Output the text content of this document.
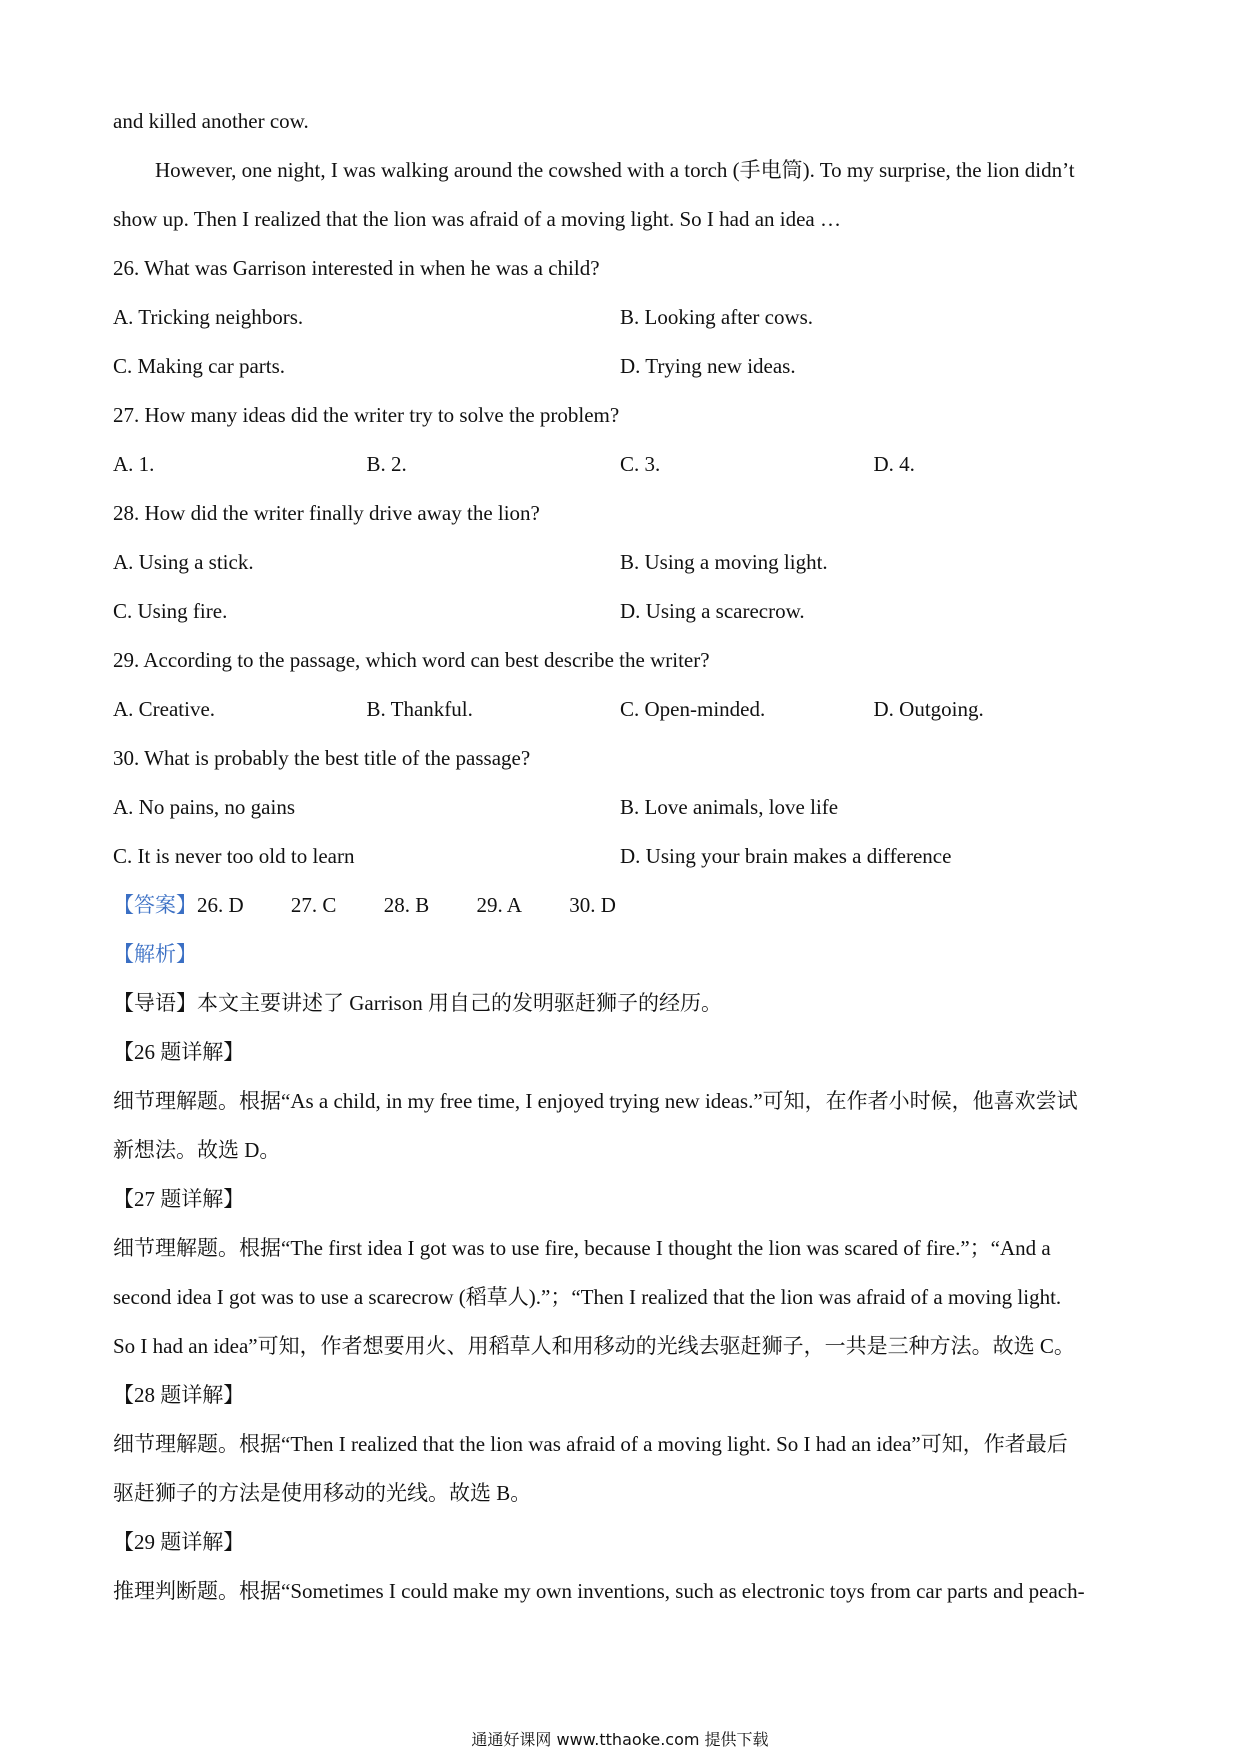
and killed another cow.
However, one night, I was walking around the cowshed with a torch (手电筒). To my surprise, the lion didn’t
show up. Then I realized that the lion was afraid of a moving light. So I had an idea …
26. What was Garrison interested in when he was a child?
A. Tricking neighbors.	B. Looking after cows.
C. Making car parts.	D. Trying new ideas.
27. How many ideas did the writer try to solve the problem?
A. 1.	B. 2.	C. 3.	D. 4.
28. How did the writer finally drive away the lion?
A. Using a stick.	B. Using a moving light.
C. Using fire.	D. Using a scarecrow.
29. According to the passage, which word can best describe the writer?
A. Creative.	B. Thankful.	C. Open-minded.	D. Outgoing.
30. What is probably the best title of the passage?
A. No pains, no gains	B. Love animals, love life
C. It is never too old to learn	D. Using your brain makes a difference
【答案】26. D 27. C 28. B 29. A 30. D
【解析】
【导语】本文主要讲述了 Garrison 用自己的发明驱赶狮子的经历。
【26 题详解】
细节理解题。根据“As a child, in my free time, I enjoyed trying new ideas.”可知，在作者小时候，他喜欢尝试
新想法。故选 D。
【27 题详解】
细节理解题。根据“The first idea I got was to use fire, because I thought the lion was scared of fire.”；“And a
second idea I got was to use a scarecrow (稻草人).”；“Then I realized that the lion was afraid of a moving light.
So I had an idea”可知，作者想要用火、用稻草人和用移动的光线去驱赶狮子，一共是三种方法。故选 C。
【28 题详解】
细节理解题。根据“Then I realized that the lion was afraid of a moving light. So I had an idea”可知，作者最后
驱赶狮子的方法是使用移动的光线。故选 B。
【29 题详解】
推理判断题。根据“Sometimes I could make my own inventions, such as electronic toys from car parts and peach-
通通好课网 www.tthaoke.com 提供下载
